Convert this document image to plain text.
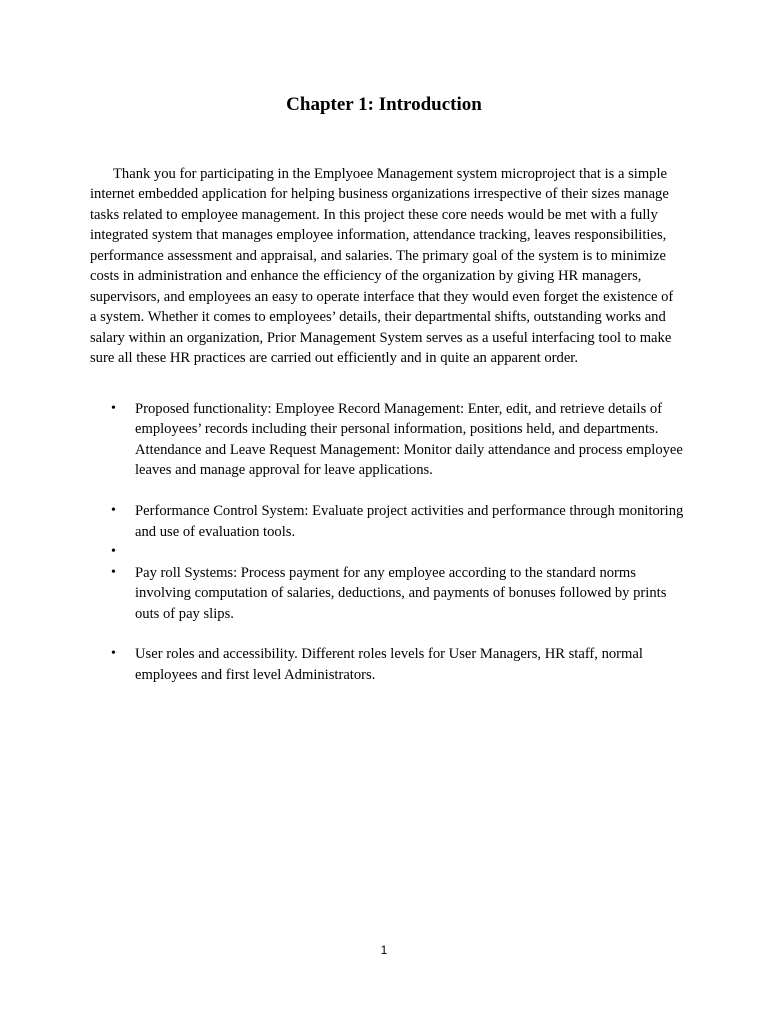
Chapter 1: Introduction

Thank you for participating in the Emplyoee Management system microproject that is a simple internet embedded application for helping business organizations irrespective of their sizes manage tasks related to employee management. In this project these core needs would be met with a fully integrated system that manages employee information, attendance tracking, leaves responsibilities, performance assessment and appraisal, and salaries. The primary goal of the system is to minimize costs in administration and enhance the efficiency of the organization by giving HR managers, supervisors, and employees an easy to operate interface that they would even forget the existence of a system. Whether it comes to employees’ details, their departmental shifts, outstanding works and salary within an organization, Prior Management System serves as a useful interfacing tool to make sure all these HR practices are carried out efficiently and in quite an apparent order.

• Proposed functionality: Employee Record Management: Enter, edit, and retrieve details of employees’ records including their personal information, positions held, and departments. Attendance and Leave Request Management: Monitor daily attendance and process employee leaves and manage approval for leave applications.
• Performance Control System: Evaluate project activities and performance through monitoring and use of evaluation tools.
•
• Pay roll Systems: Process payment for any employee according to the standard norms involving computation of salaries, deductions, and payments of bonuses followed by prints outs of pay slips.
• User roles and accessibility. Different roles levels for User Managers, HR staff, normal employees and first level Administrators.
1
